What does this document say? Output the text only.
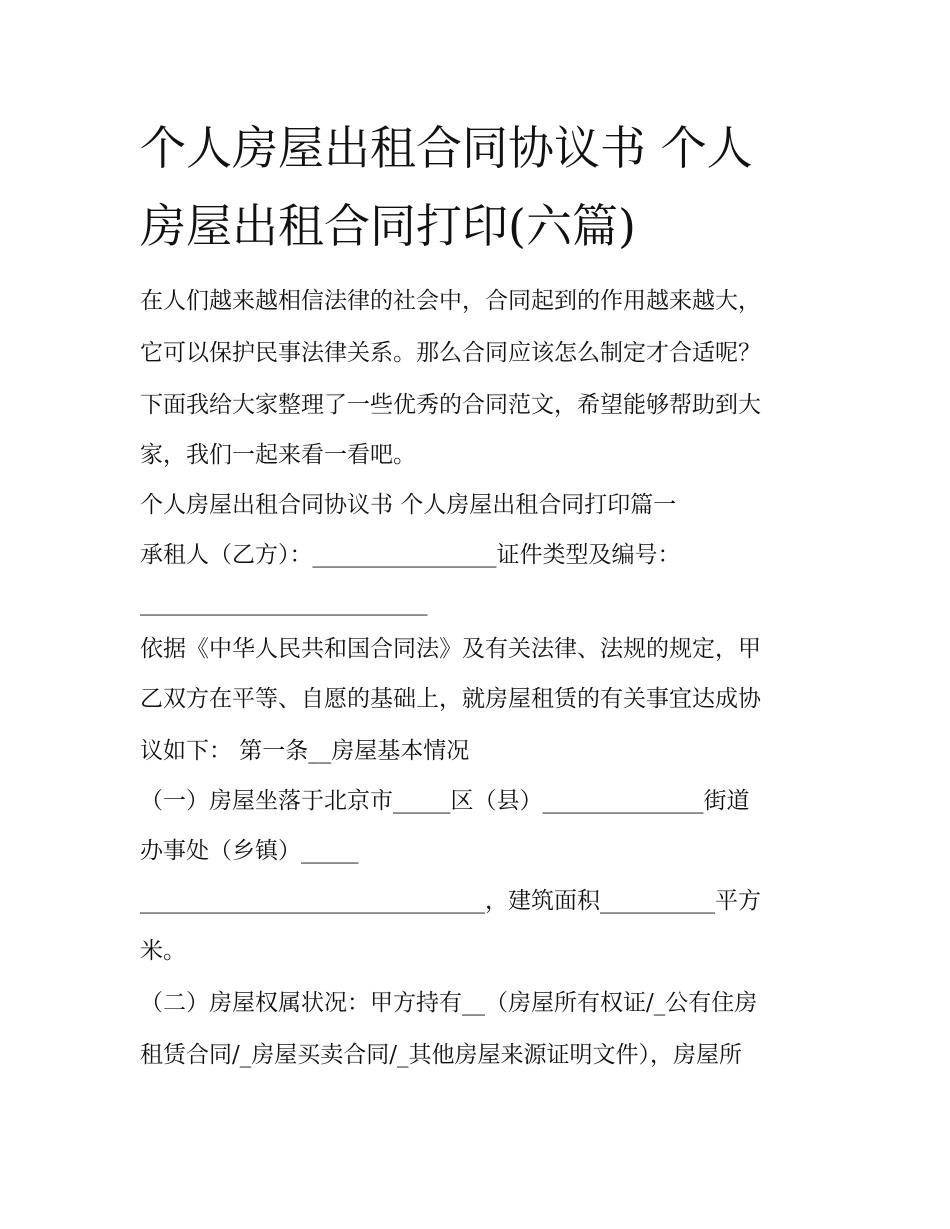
个人房屋出租合同协议书 个人
房屋出租合同打印(六篇)

在人们越来越相信法律的社会中，合同起到的作用越来越大，

它可以保护民事法律关系。那么合同应该怎么制定才合适呢？

下面我给大家整理了一些优秀的合同范文，希望能够帮助到大

家，我们一起来看一看吧。

个人房屋出租合同协议书 个人房屋出租合同打印篇一

承租人（乙方）：________________证件类型及编号：

_________________________

依据《中华人民共和国合同法》及有关法律、法规的规定，甲

乙双方在平等、自愿的基础上，就房屋租赁的有关事宜达成协

议如下： 第一条__房屋基本情况

（一）房屋坐落于北京市_____区（县）______________街道

办事处（乡镇）_____

______________________________，建筑面积__________平方

米。

（二）房屋权属状况：甲方持有__（房屋所有权证/_公有住房

租赁合同/_房屋买卖合同/_其他房屋来源证明文件），房屋所
